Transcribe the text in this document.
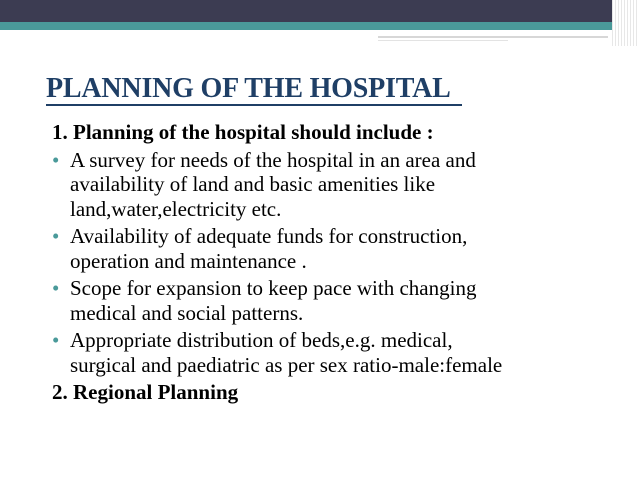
PLANNING OF THE HOSPITAL
1. Planning of the hospital should include :
• A survey for needs of the hospital in an area and
availability of land and basic amenities like
land,water,electricity etc.
• Availability of adequate funds for construction,
operation and maintenance .
• Scope for expansion to keep pace with changing
medical and social patterns.
• Appropriate distribution of beds,e.g. medical,
surgical and paediatric as per sex ratio-male:female
2. Regional Planning
